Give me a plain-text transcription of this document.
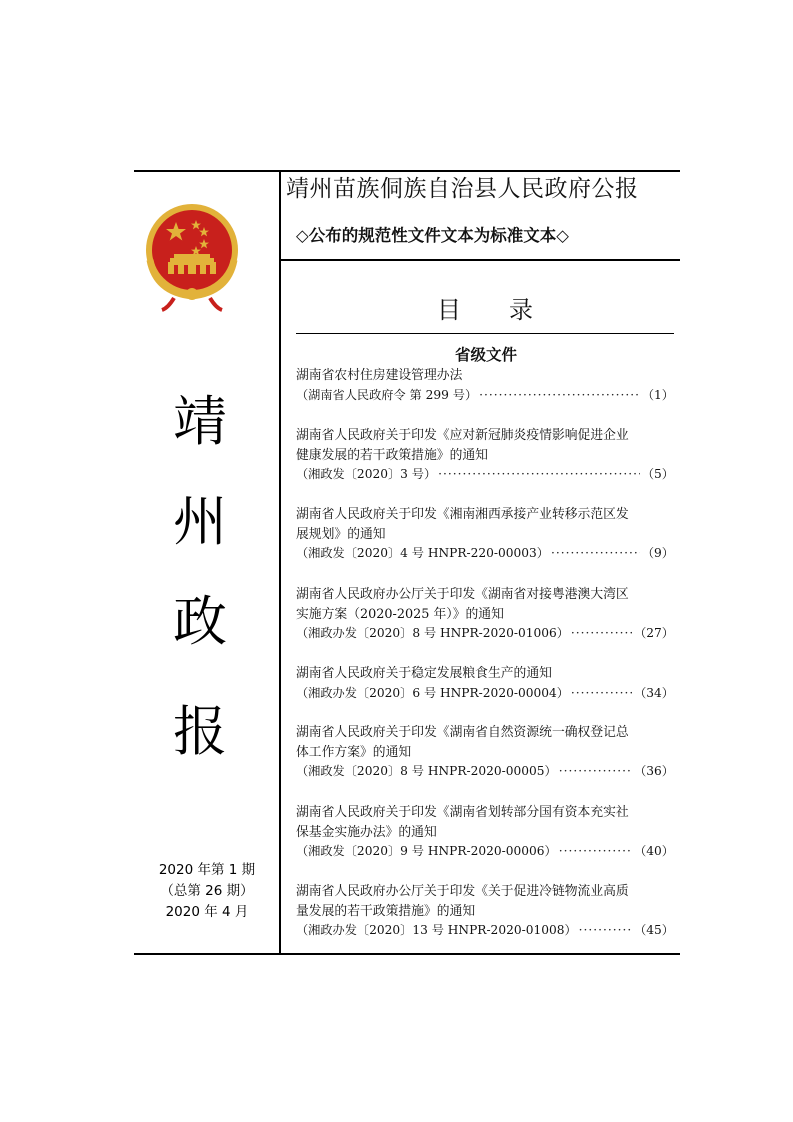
靖
州
政
报
2020 年第 1 期
（总第 26 期）
2020 年 4 月
靖州苗族侗族自治县人民政府公报
◇公布的规范性文件文本为标准文本◇
目 录
省级文件
湖南省农村住房建设管理办法
（湖南省人民政府令 第 299 号） ·····	（1）
湖南省人民政府关于印发《应对新冠肺炎疫情影响促进企业
健康发展的若干政策措施》的通知
（湘政发〔2020〕3 号） ·····	（5）
湖南省人民政府关于印发《湘南湘西承接产业转移示范区发
展规划》的通知
（湘政发〔2020〕4 号 HNPR-220-00003） ·····	（9）
湖南省人民政府办公厅关于印发《湖南省对接粤港澳大湾区
实施方案（2020-2025 年）》的通知
（湘政办发〔2020〕8 号 HNPR-2020-01006） ·····	（27）
湖南省人民政府关于稳定发展粮食生产的通知
（湘政办发〔2020〕6 号 HNPR-2020-00004） ·····	（34）
湖南省人民政府关于印发《湖南省自然资源统一确权登记总
体工作方案》的通知
（湘政发〔2020〕8 号 HNPR-2020-00005） ·····	（36）
湖南省人民政府关于印发《湖南省划转部分国有资本充实社
保基金实施办法》的通知
（湘政发〔2020〕9 号 HNPR-2020-00006） ·····	（40）
湖南省人民政府办公厅关于印发《关于促进冷链物流业高质
量发展的若干政策措施》的通知
（湘政办发〔2020〕13 号 HNPR-2020-01008） ·····	（45）
